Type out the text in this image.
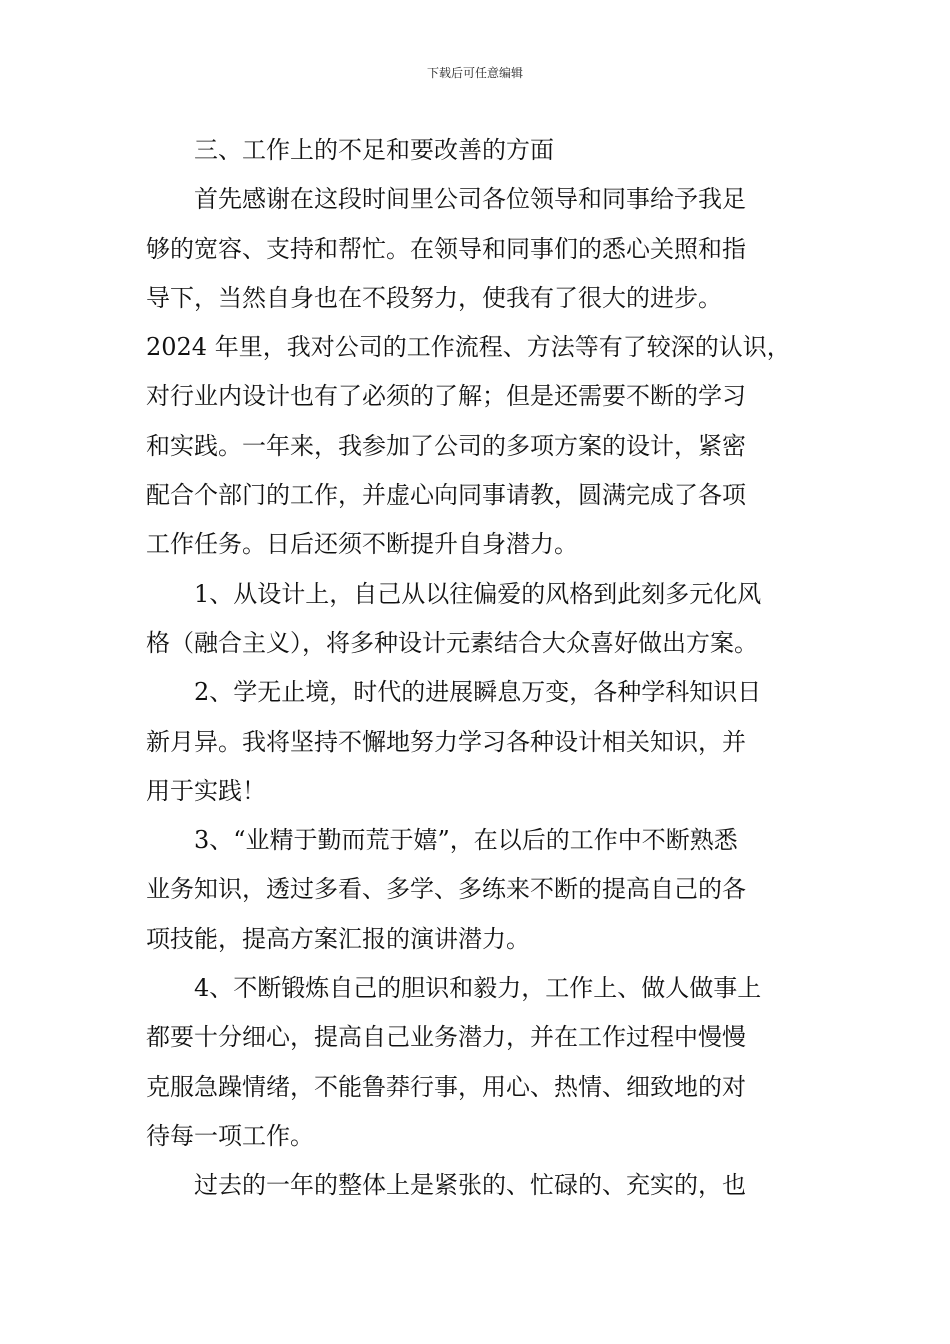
下载后可任意编辑
三、工作上的不足和要改善的方面
首先感谢在这段时间里公司各位领导和同事给予我足
够的宽容、支持和帮忙。在领导和同事们的悉心关照和指
导下，当然自身也在不段努力，使我有了很大的进步。
2024 年里，我对公司的工作流程、方法等有了较深的认识，
对行业内设计也有了必须的了解；但是还需要不断的学习
和实践。一年来，我参加了公司的多项方案的设计，紧密
配合个部门的工作，并虚心向同事请教，圆满完成了各项
工作任务。日后还须不断提升自身潜力。
1、从设计上，自己从以往偏爱的风格到此刻多元化风
格（融合主义），将多种设计元素结合大众喜好做出方案。
2、学无止境，时代的进展瞬息万变，各种学科知识日
新月异。我将坚持不懈地努力学习各种设计相关知识，并
用于实践！
3、“业精于勤而荒于嬉”，在以后的工作中不断熟悉
业务知识，透过多看、多学、多练来不断的提高自己的各
项技能，提高方案汇报的演讲潜力。
4、不断锻炼自己的胆识和毅力，工作上、做人做事上
都要十分细心，提高自己业务潜力，并在工作过程中慢慢
克服急躁情绪，不能鲁莽行事，用心、热情、细致地的对
待每一项工作。
过去的一年的整体上是紧张的、忙碌的、充实的，也
